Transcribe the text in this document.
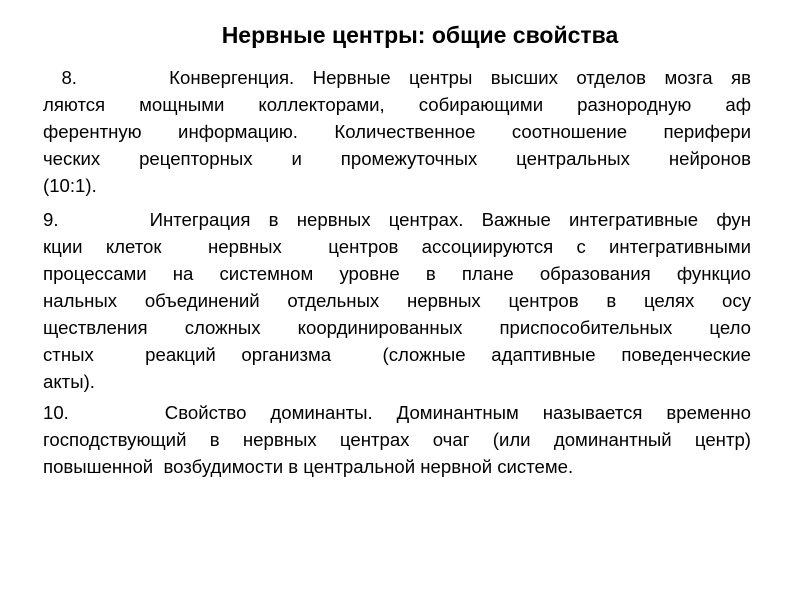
Нервные центры: общие свойства
8.     Конвергенция. Нервные центры высших отделов мозга яв
ляются мощными коллекторами, собирающими разнородную аф
ферентную информацию. Количественное соотношение перифери
ческих рецепторных и промежуточных центральных нейронов
(10:1).
9.     Интеграция в нервных центрах. Важные интегративные фун
кции клеток  нервных  центров ассоциируются с интегративными
процессами на системном уровне в плане образования функцио
нальных объединений отдельных нервных центров в целях осу
ществления сложных координированных приспособительных цело
стных  реакций организма  (сложные адаптивные поведенческие
акты).
10.    Свойство доминанты. Доминантным называется временно
господствующий в нервных центрах очаг (или доминантный центр)
повышенной  возбудимости в центральной нервной системе.
